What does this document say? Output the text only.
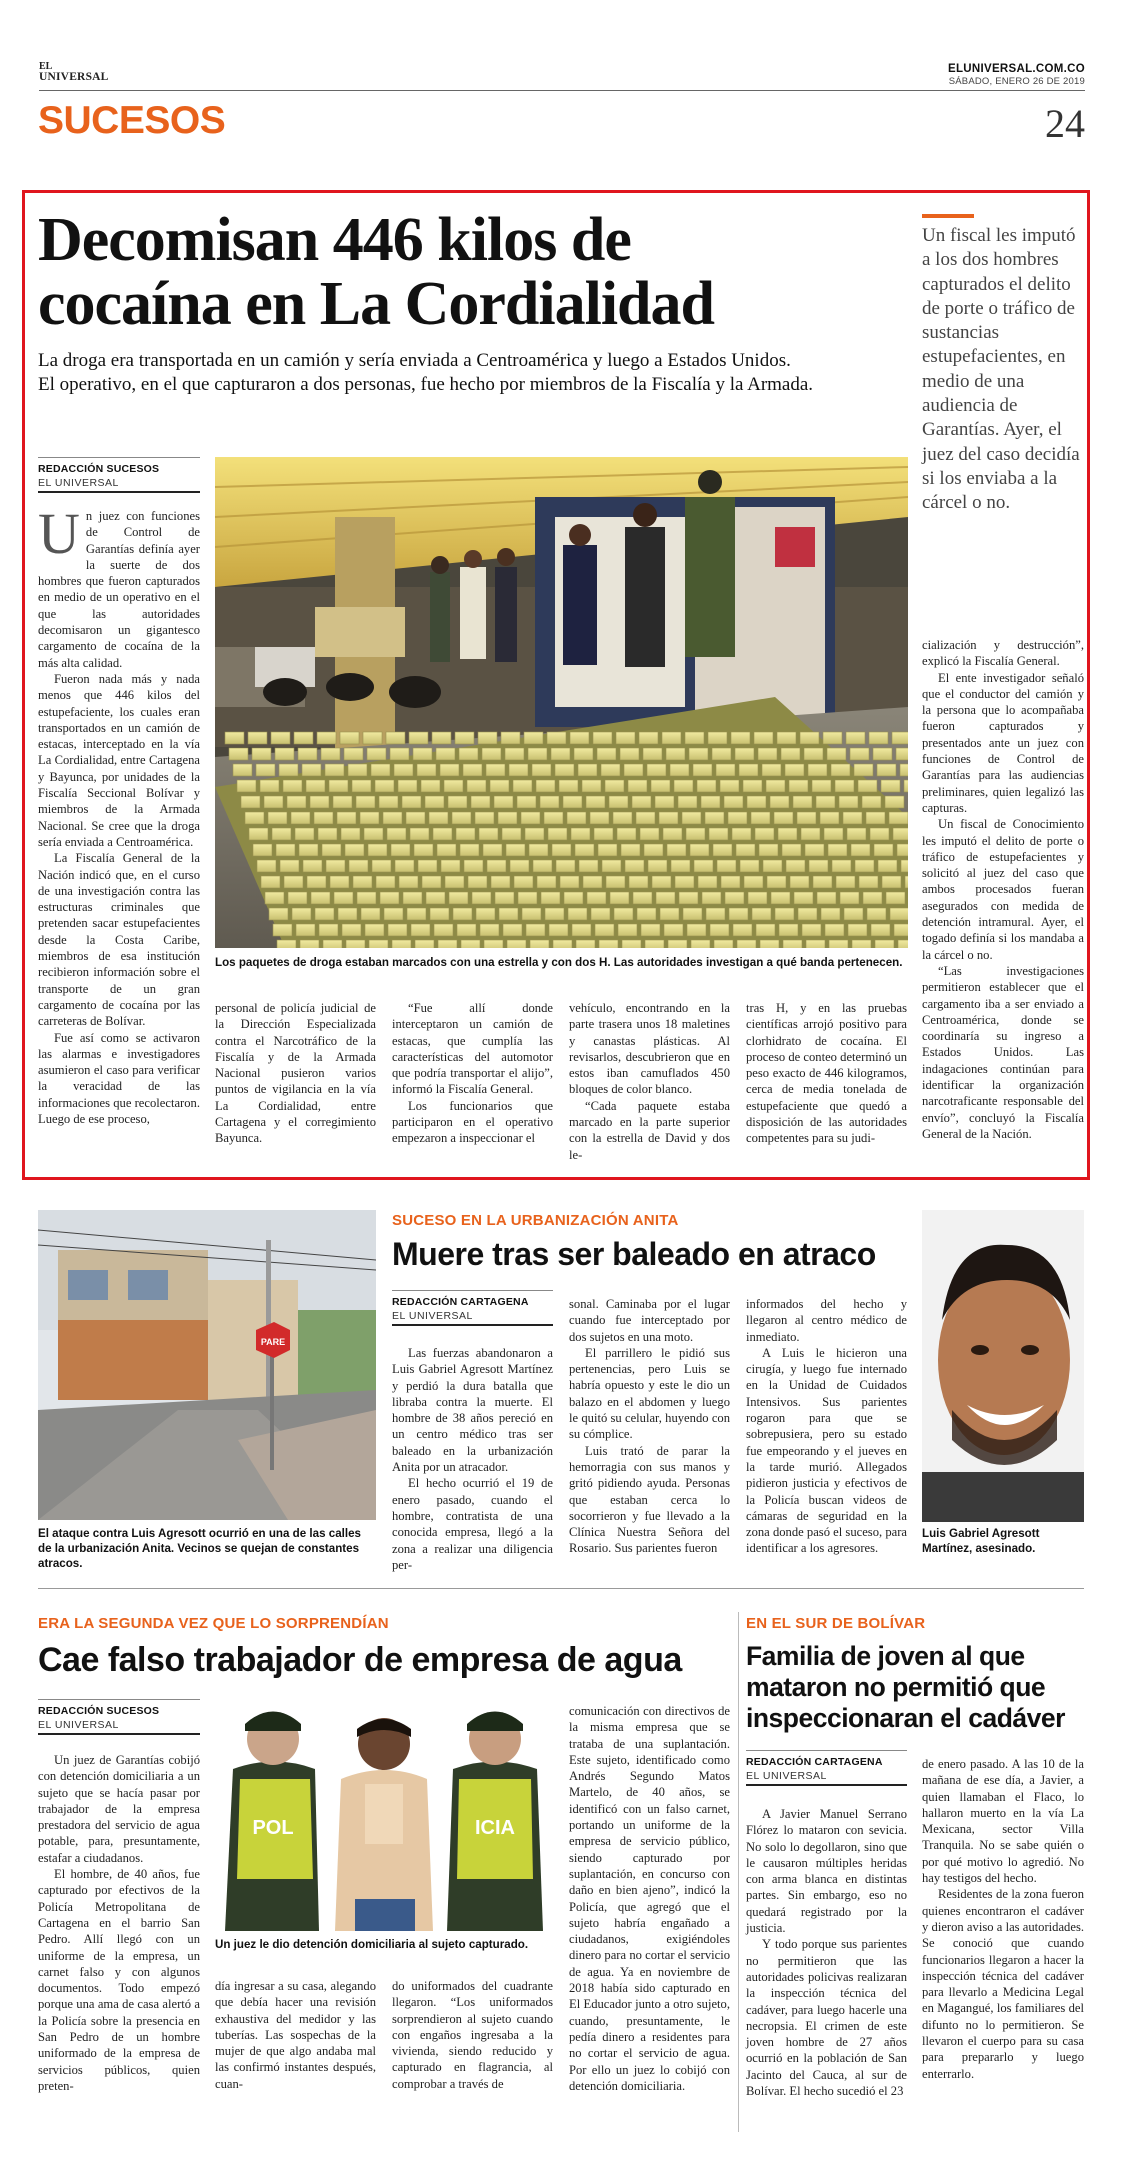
EL
UNIVERSAL
ELUNIVERSAL.COM.CO
SÁBADO, ENERO 26 DE 2019
SUCESOS	24
Decomisan 446 kilos de
cocaína en La Cordialidad
La droga era transportada en un camión y sería enviada a Centroamérica y luego a Estados Unidos.
El operativo, en el que capturaron a dos personas, fue hecho por miembros de la Fiscalía y la Armada.
Un fiscal les imputó a los dos hombres capturados el delito de porte o tráfico de sustancias estupefacientes, en medio de una audiencia de Garantías. Ayer, el juez del caso decidía si los enviaba a la cárcel o no.
REDACCIÓN SUCESOS
EL UNIVERSAL

Un juez con funciones de Control de Garantías definía ayer la suerte de dos hombres que fueron capturados en medio de un operativo en el que las autoridades decomisaron un gigantesco cargamento de cocaína de la más alta calidad.

Fueron nada más y nada menos que 446 kilos del estupefaciente, los cuales eran transportados en un camión de estacas, interceptado en la vía La Cordialidad, entre Cartagena y Bayunca, por unidades de la Fiscalía Seccional Bolívar y miembros de la Armada Nacional. Se cree que la droga sería enviada a Centroamérica.

La Fiscalía General de la Nación indicó que, en el curso de una investigación contra las estructuras criminales que pretenden sacar estupefacientes desde la Costa Caribe, miembros de esa institución recibieron información sobre el transporte de un gran cargamento de cocaína por las carreteras de Bolívar.

Fue así como se activaron las alarmas e investigadores asumieron el caso para verificar la veracidad de las informaciones que recolectaron. Luego de ese proceso,

Los paquetes de droga estaban marcados con una estrella y con dos H. Las autoridades investigan a qué banda pertenecen.

personal de policía judicial de la Dirección Especializada contra el Narcotráfico de la Fiscalía y de la Armada Nacional pusieron varios puntos de vigilancia en la vía La Cordialidad, entre Cartagena y el corregimiento Bayunca.

“Fue allí donde interceptaron un camión de estacas, que cumplía las características del automotor que podría transportar el alijo”, informó la Fiscalía General.

Los funcionarios que participaron en el operativo empezaron a inspeccionar el

vehículo, encontrando en la parte trasera unos 18 maletines y canastas plásticas. Al revisarlos, descubrieron que en estos iban camuflados 450 bloques de color blanco.

“Cada paquete estaba marcado en la parte superior con la estrella de David y dos le-

tras H, y en las pruebas científicas arrojó positivo para clorhidrato de cocaína. El proceso de conteo determinó un peso exacto de 446 kilogramos, cerca de media tonelada de estupefaciente que quedó a disposición de las autoridades competentes para su judi-

cialización y destrucción”, explicó la Fiscalía General.

El ente investigador señaló que el conductor del camión y la persona que lo acompañaba fueron capturados y presentados ante un juez con funciones de Control de Garantías para las audiencias preliminares, quien legalizó las capturas.

Un fiscal de Conocimiento les imputó el delito de porte o tráfico de estupefacientes y solicitó al juez del caso que ambos procesados fueran asegurados con medida de detención intramural. Ayer, el togado definía si los mandaba a la cárcel o no.

“Las investigaciones permitieron establecer que el cargamento iba a ser enviado a Centroamérica, donde se coordinaría su ingreso a Estados Unidos. Las indagaciones continúan para identificar la organización narcotraficante responsable del envío”, concluyó la Fiscalía General de la Nación.

PARE
El ataque contra Luis Agresott ocurrió en una de las calles de la urbanización Anita. Vecinos se quejan de constantes atracos.
SUCESO EN LA URBANIZACIÓN ANITA
Muere tras ser baleado en atraco
REDACCIÓN CARTAGENA
EL UNIVERSAL

Las fuerzas abandonaron a Luis Gabriel Agresott Martínez y perdió la dura batalla que libraba contra la muerte. El hombre de 38 años pereció en un centro médico tras ser baleado en la urbanización Anita por un atracador.

El hecho ocurrió el 19 de enero pasado, cuando el hombre, contratista de una conocida empresa, llegó a la zona a realizar una diligencia per-

sonal. Caminaba por el lugar cuando fue interceptado por dos sujetos en una moto.

El parrillero le pidió sus pertenencias, pero Luis se habría opuesto y este le dio un balazo en el abdomen y luego le quitó su celular, huyendo con su cómplice.

Luis trató de parar la hemorragia con sus manos y gritó pidiendo ayuda. Personas que estaban cerca lo socorrieron y fue llevado a la Clínica Nuestra Señora del Rosario. Sus parientes fueron

informados del hecho y llegaron al centro médico de inmediato.

A Luis le hicieron una cirugía, y luego fue internado en la Unidad de Cuidados Intensivos. Sus parientes rogaron para que se sobrepusiera, pero su estado fue empeorando y el jueves en la tarde murió. Allegados pidieron justicia y efectivos de la Policía buscan videos de cámaras de seguridad en la zona donde pasó el suceso, para identificar a los agresores.

Luis Gabriel Agresott Martínez, asesinado.
ERA LA SEGUNDA VEZ QUE LO SORPRENDÍAN
Cae falso trabajador de empresa de agua
REDACCIÓN SUCESOS
EL UNIVERSAL

Un juez de Garantías cobijó con detención domiciliaria a un sujeto que se hacía pasar por trabajador de la empresa prestadora del servicio de agua potable, para, presuntamente, estafar a ciudadanos.

El hombre, de 40 años, fue capturado por efectivos de la Policía Metropolitana de Cartagena en el barrio San Pedro. Allí llegó con un uniforme de la empresa, un carnet falso y con algunos documentos. Todo empezó porque una ama de casa alertó a la Policía sobre la presencia en San Pedro de un hombre uniformado de la empresa de servicios públicos, quien preten-

POL	ICIA
Un juez le dio detención domiciliaria al sujeto capturado.

día ingresar a su casa, alegando que debía hacer una revisión exhaustiva del medidor y las tuberías. Las sospechas de la mujer de que algo andaba mal las confirmó instantes después, cuan-

do uniformados del cuadrante llegaron. “Los uniformados sorprendieron al sujeto cuando con engaños ingresaba a la vivienda, siendo reducido y capturado en flagrancia, al comprobar a través de

comunicación con directivos de la misma empresa que se trataba de una suplantación. Este sujeto, identificado como Andrés Segundo Matos Martelo, de 40 años, se identificó con un falso carnet, portando un uniforme de la empresa de servicio público, siendo capturado por suplantación, en concurso con daño en bien ajeno”, indicó la Policía, que agregó que el sujeto habría engañado a ciudadanos, exigiéndoles dinero para no cortar el servicio de agua. Ya en noviembre de 2018 había sido capturado en El Educador junto a otro sujeto, cuando, presuntamente, le pedía dinero a residentes para no cortar el servicio de agua. Por ello un juez lo cobijó con detención domiciliaria.

EN EL SUR DE BOLÍVAR
Familia de joven al que
mataron no permitió que
inspeccionaran el cadáver
REDACCIÓN CARTAGENA
EL UNIVERSAL

A Javier Manuel Serrano Flórez lo mataron con sevicia. No solo lo degollaron, sino que le causaron múltiples heridas con arma blanca en distintas partes. Sin embargo, eso no quedará registrado por la justicia.

Y todo porque sus parientes no permitieron que las autoridades policivas realizaran la inspección técnica del cadáver, para luego hacerle una necropsia. El crimen de este joven hombre de 27 años ocurrió en la población de San Jacinto del Cauca, al sur de Bolívar. El hecho sucedió el 23

de enero pasado. A las 10 de la mañana de ese día, a Javier, a quien llamaban el Flaco, lo hallaron muerto en la vía La Mexicana, sector Villa Tranquila. No se sabe quién o por qué motivo lo agredió. No hay testigos del hecho.

Residentes de la zona fueron quienes encontraron el cadáver y dieron aviso a las autoridades. Se conoció que cuando funcionarios llegaron a hacer la inspección técnica del cadáver para llevarlo a Medicina Legal en Magangué, los familiares del difunto no lo permitieron. Se llevaron el cuerpo para su casa para prepararlo y luego enterrarlo.
